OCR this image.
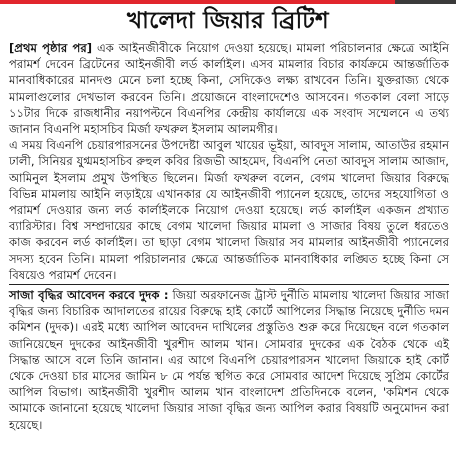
খালেদা জিয়ার ব্রিটিশ

[প্রথম পৃষ্ঠার পর] এক আইনজীবীকে নিয়োগ দেওয়া হয়েছে। মামলা পরিচালনার ক্ষেত্রে আইনি পরামর্শ দেবেন ব্রিটেনের আইনজীবী লর্ড কার্লাইল। এসব মামলার বিচার কার্যক্রমে আন্তর্জাতিক মানবাধিকারের মানদণ্ড মেনে চলা হচ্ছে কিনা, সেদিকেও লক্ষ্য রাখবেন তিনি। যুক্তরাজ্য থেকে মামলাগুলোর দেখভাল করবেন তিনি। প্রয়োজনে বাংলাদেশেও আসবেন। গতকাল বেলা সাড়ে ১১টার দিকে রাজধানীর নয়াপল্টনে বিএনপির কেন্দ্রীয় কার্যালয়ে এক সংবাদ সম্মেলনে এ তথ্য জানান বিএনপি মহাসচিব মির্জা ফখরুল ইসলাম আলমগীর।

এ সময় বিএনপি চেয়ারপারসনের উপদেষ্টা আবুল খায়ের ভূইয়া, আবদুস সালাম, আতাউর রহমান ঢালী, সিনিয়র যুগ্মমহাসচিব রুহুল কবির রিজভী আহমেদ, বিএনপি নেতা আবদুস সালাম আজাদ, আমিনুল ইসলাম প্রমুখ উপস্থিত ছিলেন। মির্জা ফখরুল বলেন, বেগম খালেদা জিয়ার বিরুদ্ধে বিভিন্ন মামলায় আইনি লড়াইয়ে এখানকার যে আইনজীবী প্যানেল হয়েছে, তাদের সহযোগিতা ও পরামর্শ দেওয়ার জন্য লর্ড কার্লাইলকে নিয়োগ দেওয়া হয়েছে। লর্ড কার্লাইল একজন প্রখ্যাত ব্যারিস্টার। বিশ্ব সম্প্রদায়ের কাছে বেগম খালেদা জিয়ার মামলা ও সাজার বিষয় তুলে ধরতেও কাজ করবেন লর্ড কার্লাইল। তা ছাড়া বেগম খালেদা জিয়ার সব মামলার আইনজীবী প্যানেলের সদস্য হবেন তিনি। মামলা পরিচালনার ক্ষেত্রে আন্তর্জাতিক মানবাধিকার লঙ্ঘিত হচ্ছে কিনা সে বিষয়েও পরামর্শ দেবেন।

সাজা বৃদ্ধির আবেদন করবে দুদক : জিয়া অরফানেজ ট্রাস্ট দুর্নীতি মামলায় খালেদা জিয়ার সাজা বৃদ্ধির জন্য বিচারিক আদালতের রায়ের বিরুদ্ধে হাই কোর্টে আপিলের সিদ্ধান্ত নিয়েছে দুর্নীতি দমন কমিশন (দুদক)। এরই মধ্যে আপিল আবেদন দাখিলের প্রস্তুতিও শুরু করে দিয়েছেন বলে গতকাল জানিয়েছেন দুদকের আইনজীবী খুরশীদ আলম খান। সোমবার দুদকের এক বৈঠক থেকে এই সিদ্ধান্ত আসে বলে তিনি জানান। এর আগে বিএনপি চেয়ারপারসন খালেদা জিয়াকে হাই কোর্ট থেকে দেওয়া চার মাসের জামিন ৮ মে পর্যন্ত স্থগিত করে সোমবার আদেশ দিয়েছে সুপ্রিম কোর্টের আপিল বিভাগ। আইনজীবী খুরশীদ আলম খান বাংলাদেশ প্রতিদিনকে বলেন, 'কমিশন থেকে আমাকে জানানো হয়েছে খালেদা জিয়ার সাজা বৃদ্ধির জন্য আপিল করার বিষয়টি অনুমোদন করা হয়েছে।
